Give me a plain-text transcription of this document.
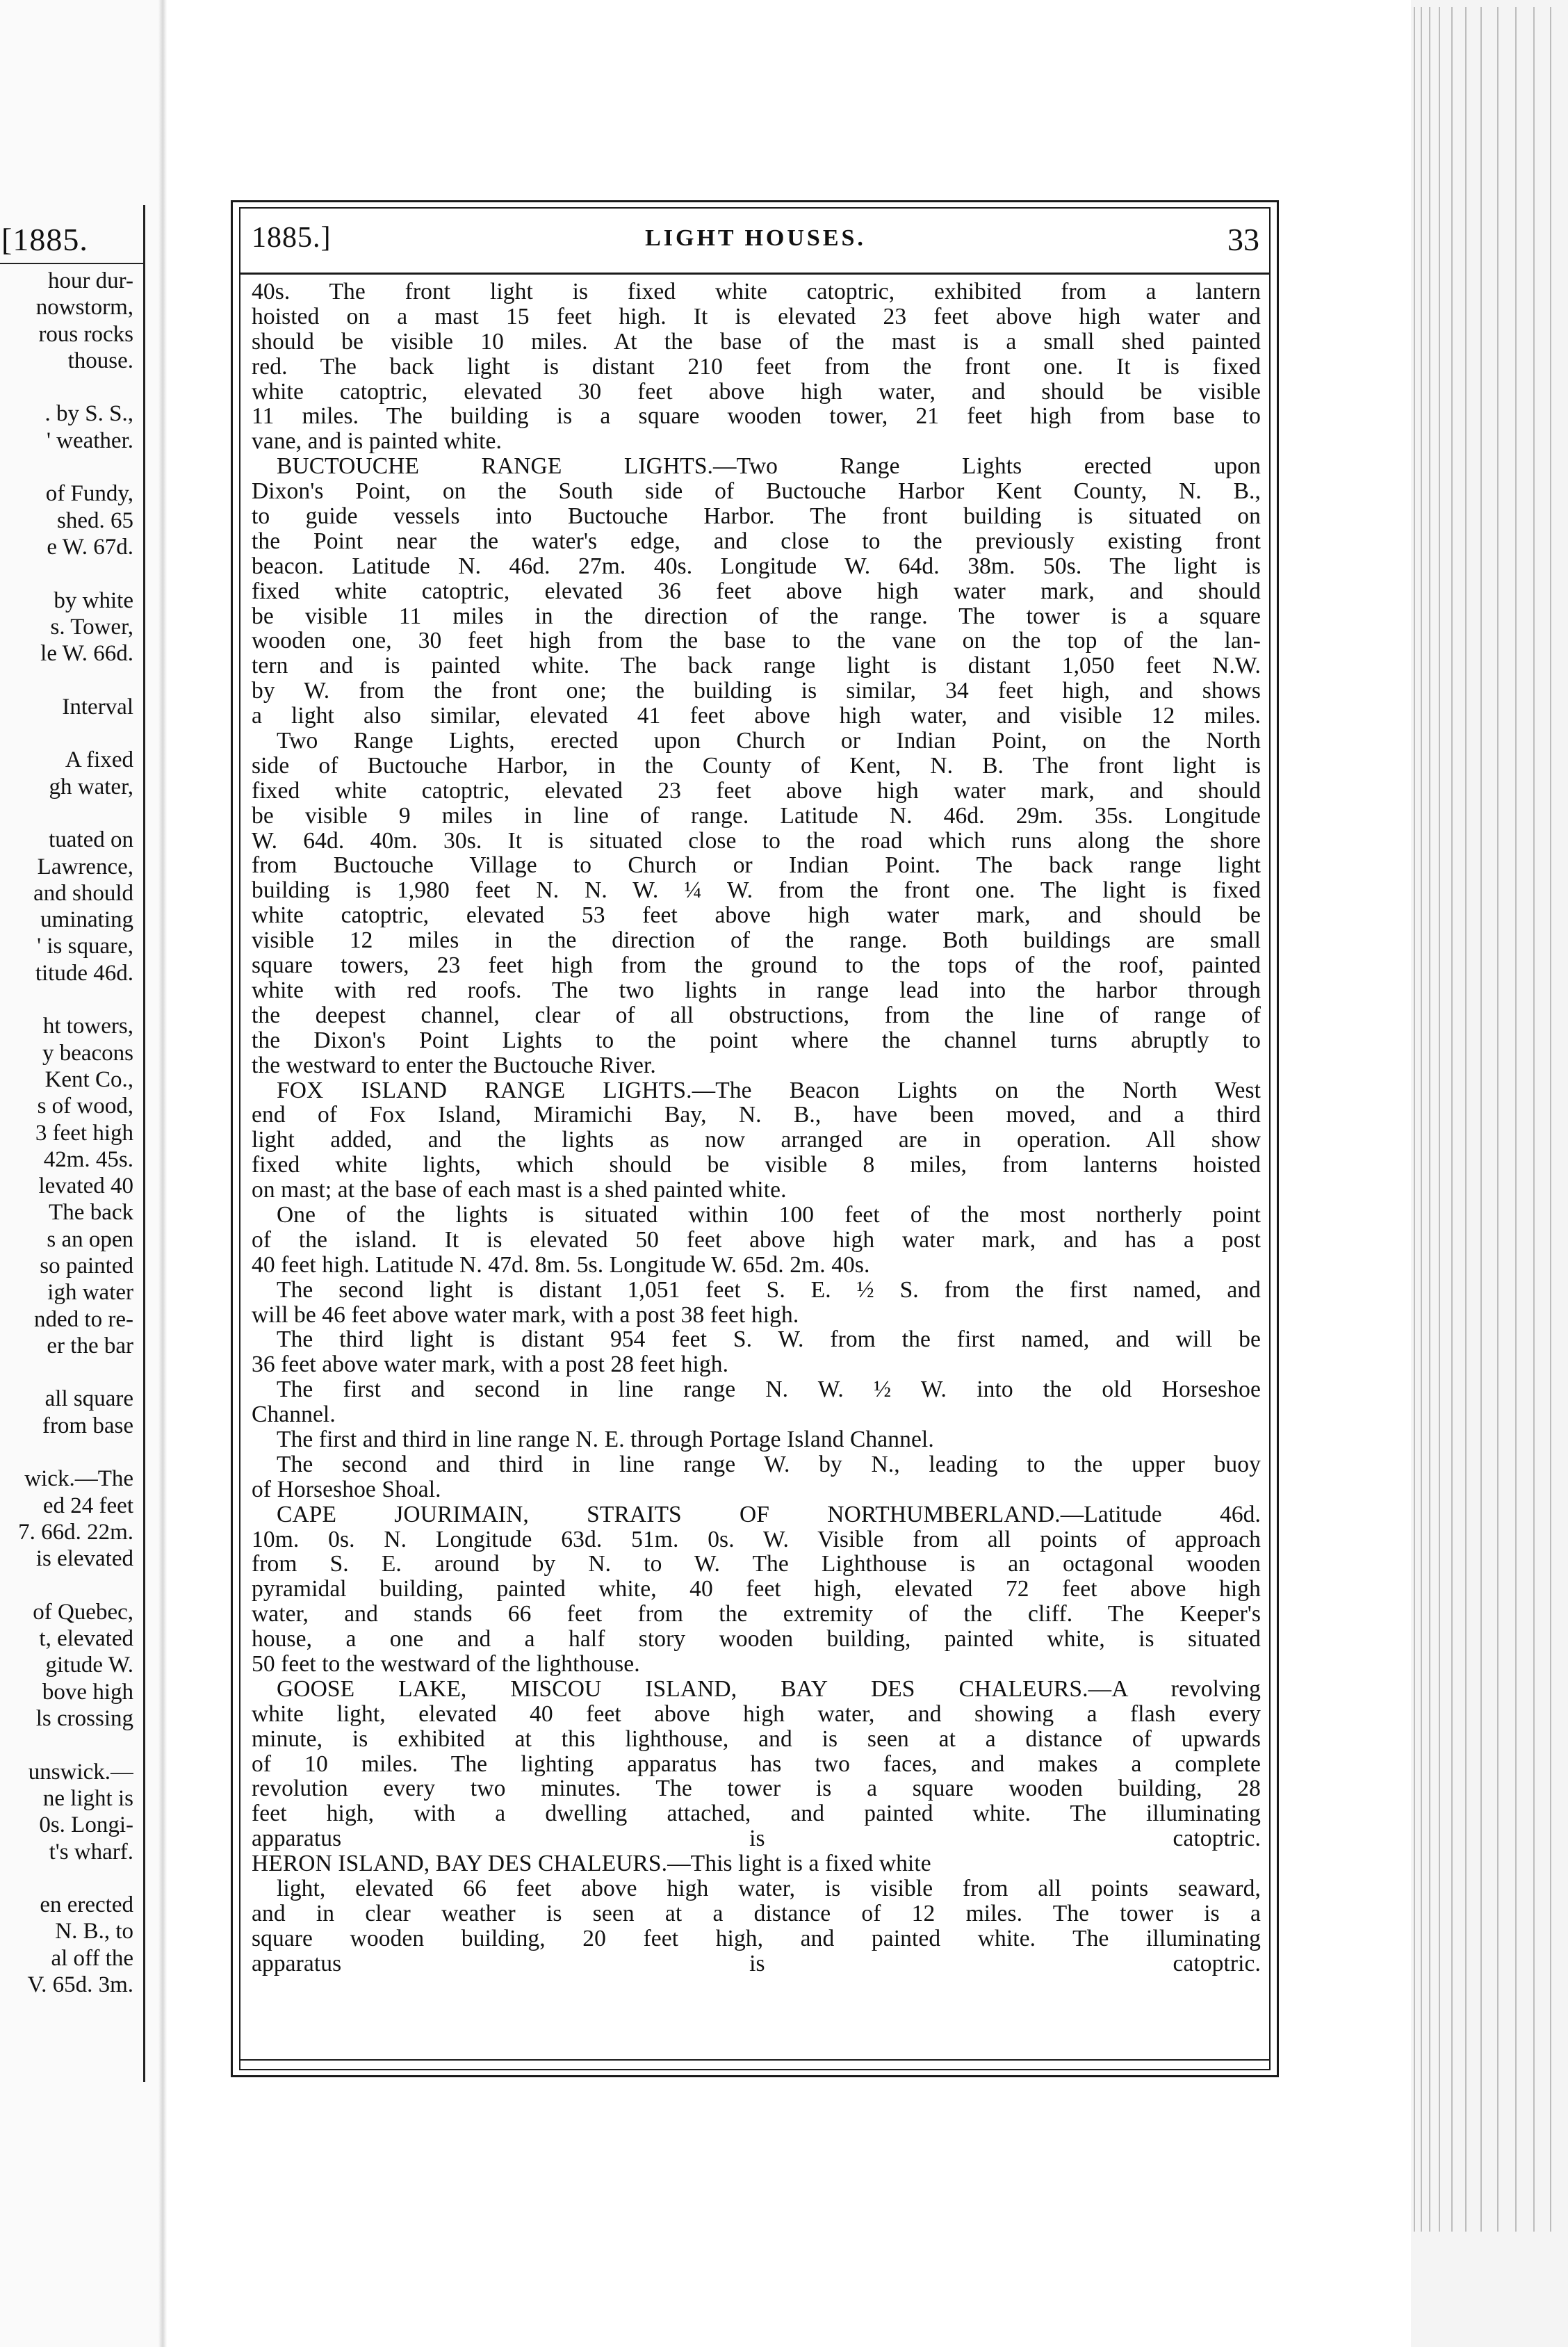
[1885.
hour dur-
nowstorm,
rous rocks
thouse.
. by S. S.,
' weather.
of Fundy,
shed. 65
e W. 67d.
by white
s. Tower,
le W. 66d.
Interval
A fixed
gh water,
tuated on
Lawrence,
and should
uminating
' is square,
titude 46d.
ht towers,
y beacons
Kent Co.,
s of wood,
3 feet high
42m. 45s.
levated 40
The back
s an open
so painted
igh water
nded to re-
er the bar
all square
from base
wick.—The
ed 24 feet
7. 66d. 22m.
is elevated
of Quebec,
t, elevated
gitude W.
bove high
ls crossing
unswick.—
ne light is
0s. Longi-
t's wharf.
en erected
N. B., to
al off the
V. 65d. 3m.
1885.]	LIGHT HOUSES.	33
40s. The front light is fixed white catoptric, exhibited from a lantern
hoisted on a mast 15 feet high. It is elevated 23 feet above high water and
should be visible 10 miles. At the base of the mast is a small shed painted
red. The back light is distant 210 feet from the front one. It is fixed
white catoptric, elevated 30 feet above high water, and should be visible
11 miles. The building is a square wooden tower, 21 feet high from base to
vane, and is painted white.
BUCTOUCHE RANGE LIGHTS.—Two Range Lights erected upon
Dixon's Point, on the South side of Buctouche Harbor Kent County, N. B.,
to guide vessels into Buctouche Harbor. The front building is situated on
the Point near the water's edge, and close to the previously existing front
beacon. Latitude N. 46d. 27m. 40s. Longitude W. 64d. 38m. 50s. The light is
fixed white catoptric, elevated 36 feet above high water mark, and should
be visible 11 miles in the direction of the range. The tower is a square
wooden one, 30 feet high from the base to the vane on the top of the lan-
tern and is painted white. The back range light is distant 1,050 feet N.W.
by W. from the front one; the building is similar, 34 feet high, and shows
a light also similar, elevated 41 feet above high water, and visible 12 miles.
Two Range Lights, erected upon Church or Indian Point, on the North
side of Buctouche Harbor, in the County of Kent, N. B. The front light is
fixed white catoptric, elevated 23 feet above high water mark, and should
be visible 9 miles in line of range. Latitude N. 46d. 29m. 35s. Longitude
W. 64d. 40m. 30s. It is situated close to the road which runs along the shore
from Buctouche Village to Church or Indian Point. The back range light
building is 1,980 feet N. N. W. ¼ W. from the front one. The light is fixed
white catoptric, elevated 53 feet above high water mark, and should be
visible 12 miles in the direction of the range. Both buildings are small
square towers, 23 feet high from the ground to the tops of the roof, painted
white with red roofs. The two lights in range lead into the harbor through
the deepest channel, clear of all obstructions, from the line of range of
the Dixon's Point Lights to the point where the channel turns abruptly to
the westward to enter the Buctouche River.
FOX ISLAND RANGE LIGHTS.—The Beacon Lights on the North West
end of Fox Island, Miramichi Bay, N. B., have been moved, and a third
light added, and the lights as now arranged are in operation. All show
fixed white lights, which should be visible 8 miles, from lanterns hoisted
on mast; at the base of each mast is a shed painted white.
One of the lights is situated within 100 feet of the most northerly point
of the island. It is elevated 50 feet above high water mark, and has a post
40 feet high. Latitude N. 47d. 8m. 5s. Longitude W. 65d. 2m. 40s.
The second light is distant 1,051 feet S. E. ½ S. from the first named, and
will be 46 feet above water mark, with a post 38 feet high.
The third light is distant 954 feet S. W. from the first named, and will be
36 feet above water mark, with a post 28 feet high.
The first and second in line range N. W. ½ W. into the old Horseshoe
Channel.
The first and third in line range N. E. through Portage Island Channel.
The second and third in line range W. by N., leading to the upper buoy
of Horseshoe Shoal.
CAPE JOURIMAIN, STRAITS OF NORTHUMBERLAND.—Latitude 46d.
10m. 0s. N. Longitude 63d. 51m. 0s. W. Visible from all points of approach
from S. E. around by N. to W. The Lighthouse is an octagonal wooden
pyramidal building, painted white, 40 feet high, elevated 72 feet above high
water, and stands 66 feet from the extremity of the cliff. The Keeper's
house, a one and a half story wooden building, painted white, is situated
50 feet to the westward of the lighthouse.
GOOSE LAKE, MISCOU ISLAND, BAY DES CHALEURS.—A revolving
white light, elevated 40 feet above high water, and showing a flash every
minute, is exhibited at this lighthouse, and is seen at a distance of upwards
of 10 miles. The lighting apparatus has two faces, and makes a complete
revolution every two minutes. The tower is a square wooden building, 28
feet high, with a dwelling attached, and painted white. The illuminating
apparatus is catoptric.
HERON ISLAND, BAY DES CHALEURS.—This light is a fixed white
light, elevated 66 feet above high water, is visible from all points seaward,
and in clear weather is seen at a distance of 12 miles. The tower is a
square wooden building, 20 feet high, and painted white. The illuminating
apparatus is catoptric.
